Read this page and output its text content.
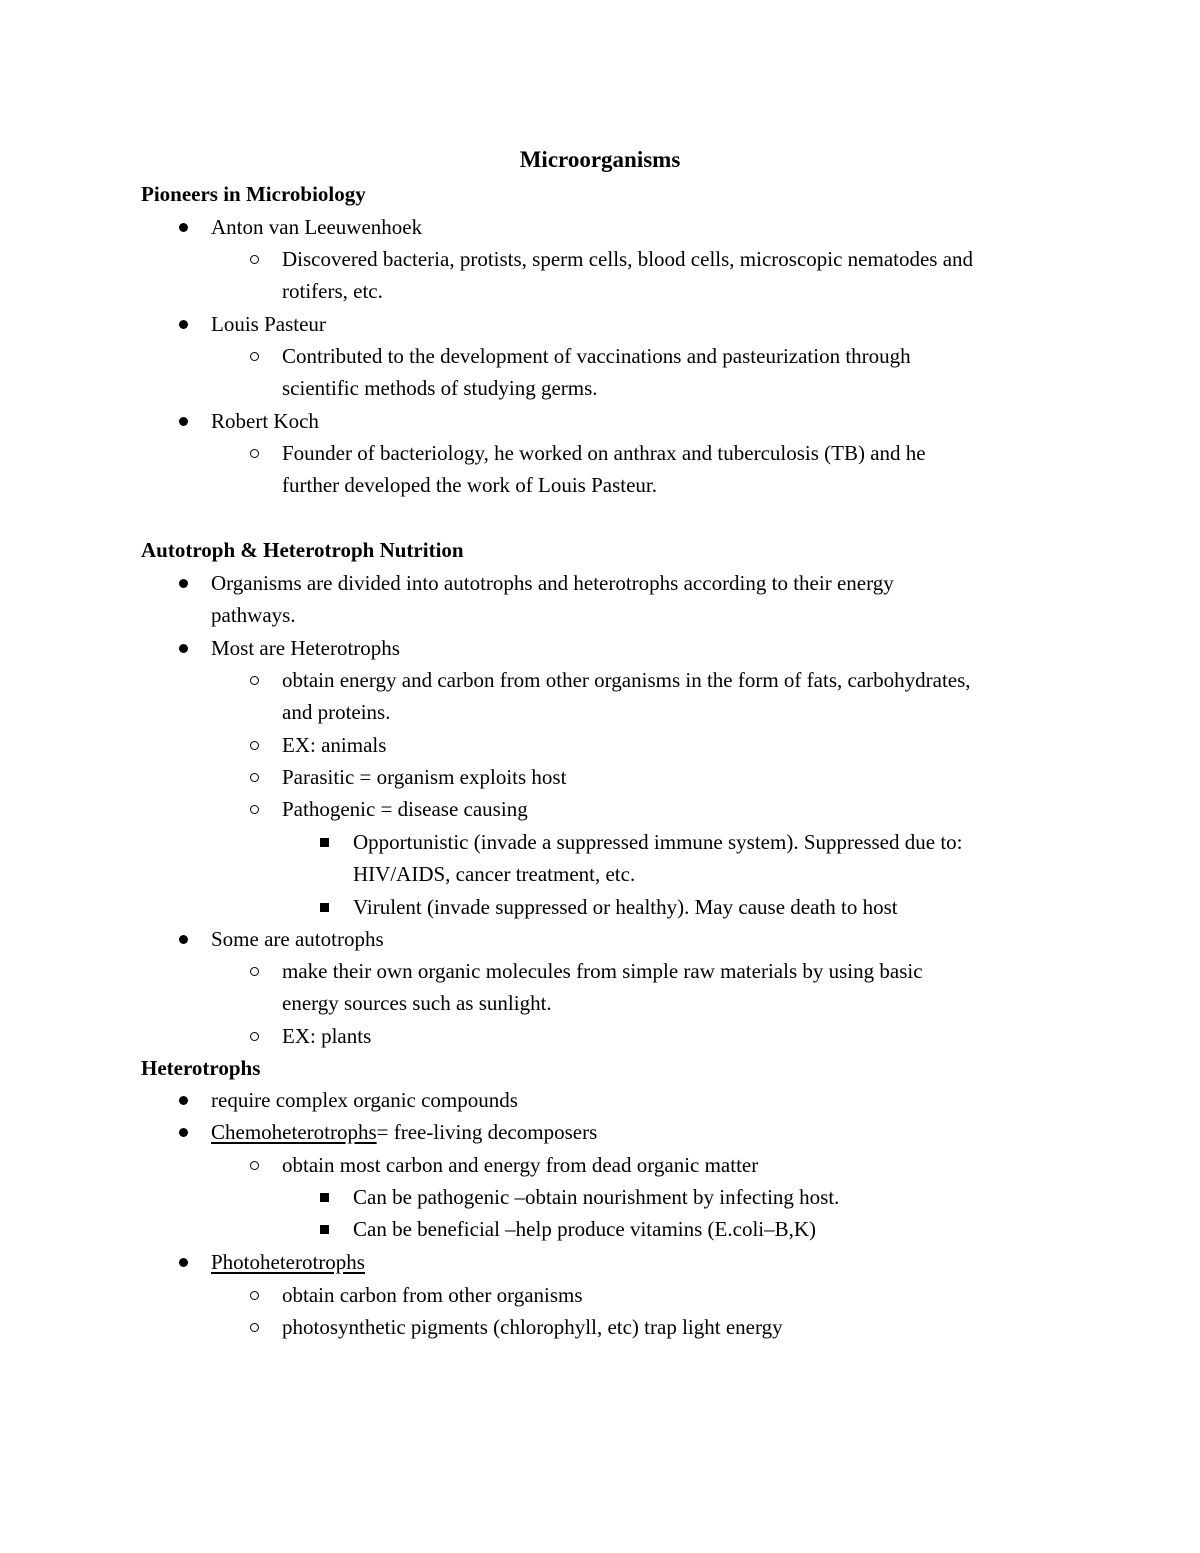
Microorganisms
Pioneers in Microbiology
Anton van Leeuwenhoek
Discovered bacteria, protists, sperm cells, blood cells, microscopic nematodes and
rotifers, etc.
Louis Pasteur
Contributed to the development of vaccinations and pasteurization through
scientific methods of studying germs.
Robert Koch
Founder of bacteriology, he worked on anthrax and tuberculosis (TB) and he
further developed the work of Louis Pasteur.
Autotroph & Heterotroph Nutrition
Organisms are divided into autotrophs and heterotrophs according to their energy
pathways.
Most are Heterotrophs
obtain energy and carbon from other organisms in the form of fats, carbohydrates,
and proteins.
EX: animals
Parasitic = organism exploits host
Pathogenic = disease causing
Opportunistic (invade a suppressed immune system). Suppressed due to:
HIV/AIDS, cancer treatment, etc.
Virulent (invade suppressed or healthy). May cause death to host
Some are autotrophs
make their own organic molecules from simple raw materials by using basic
energy sources such as sunlight.
EX: plants
Heterotrophs
require complex organic compounds
Chemoheterotrophs= free-living decomposers
obtain most carbon and energy from dead organic matter
Can be pathogenic –obtain nourishment by infecting host.
Can be beneficial –help produce vitamins (E.coli–B,K)
Photoheterotrophs
obtain carbon from other organisms
photosynthetic pigments (chlorophyll, etc) trap light energy
